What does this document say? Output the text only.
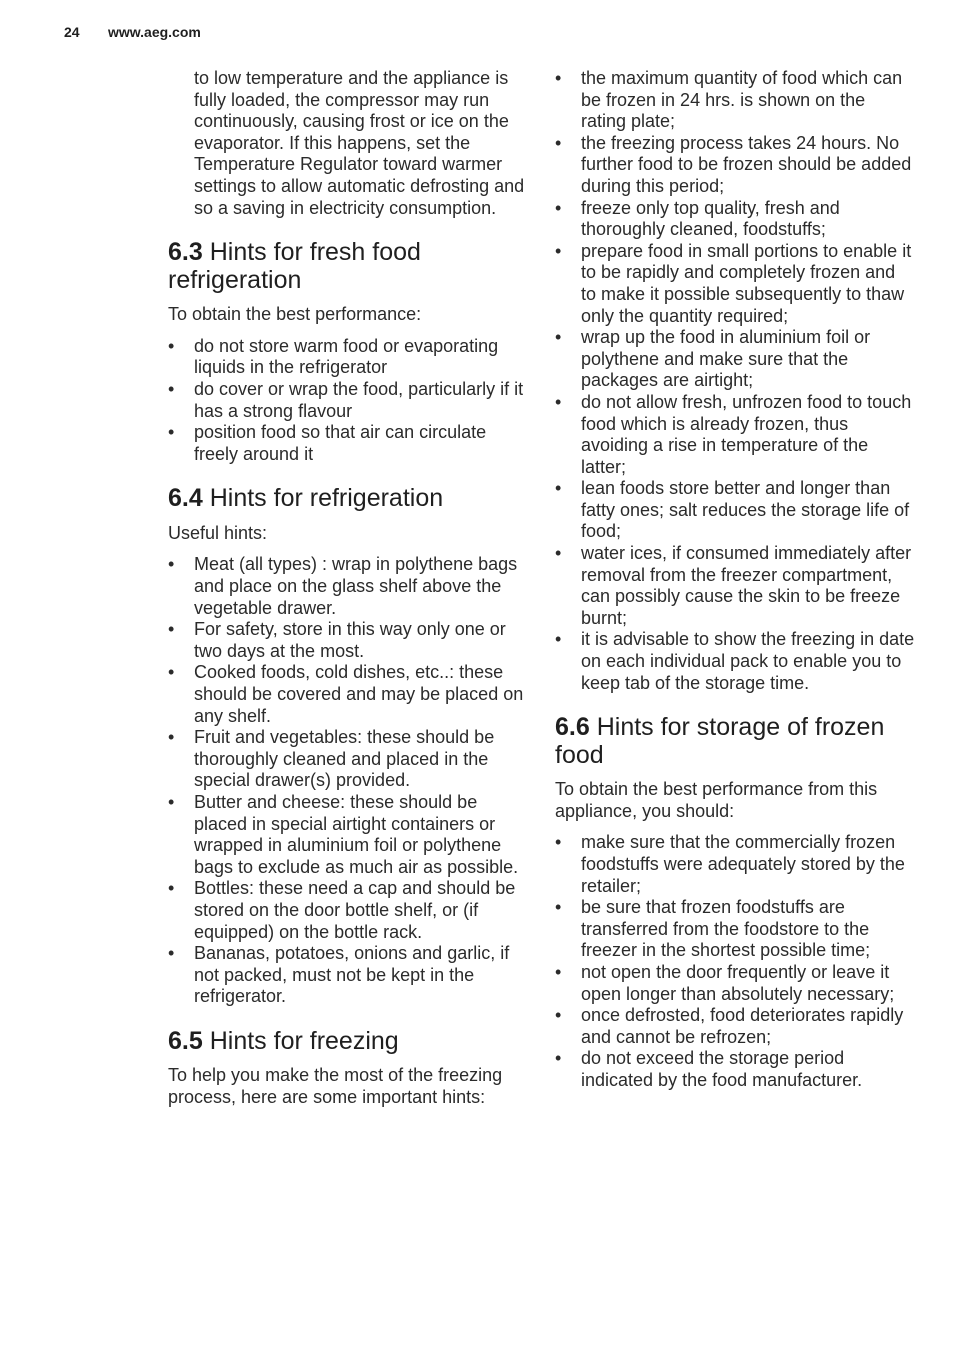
24 www.aeg.com

to low temperature and the appliance is fully loaded, the compressor may run continuously, causing frost or ice on the evaporator. If this happens, set the Temperature Regulator toward warmer settings to allow automatic defrosting and so a saving in electricity consumption.

6.3 Hints for fresh food refrigeration

To obtain the best performance:

• do not store warm food or evaporating liquids in the refrigerator
• do cover or wrap the food, particularly if it has a strong flavour
• position food so that air can circulate freely around it
6.4 Hints for refrigeration

Useful hints:

• Meat (all types) : wrap in polythene bags and place on the glass shelf above the vegetable drawer.
• For safety, store in this way only one or two days at the most.
• Cooked foods, cold dishes, etc..: these should be covered and may be placed on any shelf.
• Fruit and vegetables: these should be thoroughly cleaned and placed in the special drawer(s) provided.
• Butter and cheese: these should be placed in special airtight containers or wrapped in aluminium foil or polythene bags to exclude as much air as possible.
• Bottles: these need a cap and should be stored on the door bottle shelf, or (if equipped) on the bottle rack.
• Bananas, potatoes, onions and garlic, if not packed, must not be kept in the refrigerator.
6.5 Hints for freezing

To help you make the most of the freezing process, here are some important hints:

• the maximum quantity of food which can be frozen in 24 hrs. is shown on the rating plate;
• the freezing process takes 24 hours. No further food to be frozen should be added during this period;
• freeze only top quality, fresh and thoroughly cleaned, foodstuffs;
• prepare food in small portions to enable it to be rapidly and completely frozen and to make it possible subsequently to thaw only the quantity required;
• wrap up the food in aluminium foil or polythene and make sure that the packages are airtight;
• do not allow fresh, unfrozen food to touch food which is already frozen, thus avoiding a rise in temperature of the latter;
• lean foods store better and longer than fatty ones; salt reduces the storage life of food;
• water ices, if consumed immediately after removal from the freezer compartment, can possibly cause the skin to be freeze burnt;
• it is advisable to show the freezing in date on each individual pack to enable you to keep tab of the storage time.
6.6 Hints for storage of frozen food

To obtain the best performance from this appliance, you should:

• make sure that the commercially frozen foodstuffs were adequately stored by the retailer;
• be sure that frozen foodstuffs are transferred from the foodstore to the freezer in the shortest possible time;
• not open the door frequently or leave it open longer than absolutely necessary;
• once defrosted, food deteriorates rapidly and cannot be refrozen;
• do not exceed the storage period indicated by the food manufacturer.
